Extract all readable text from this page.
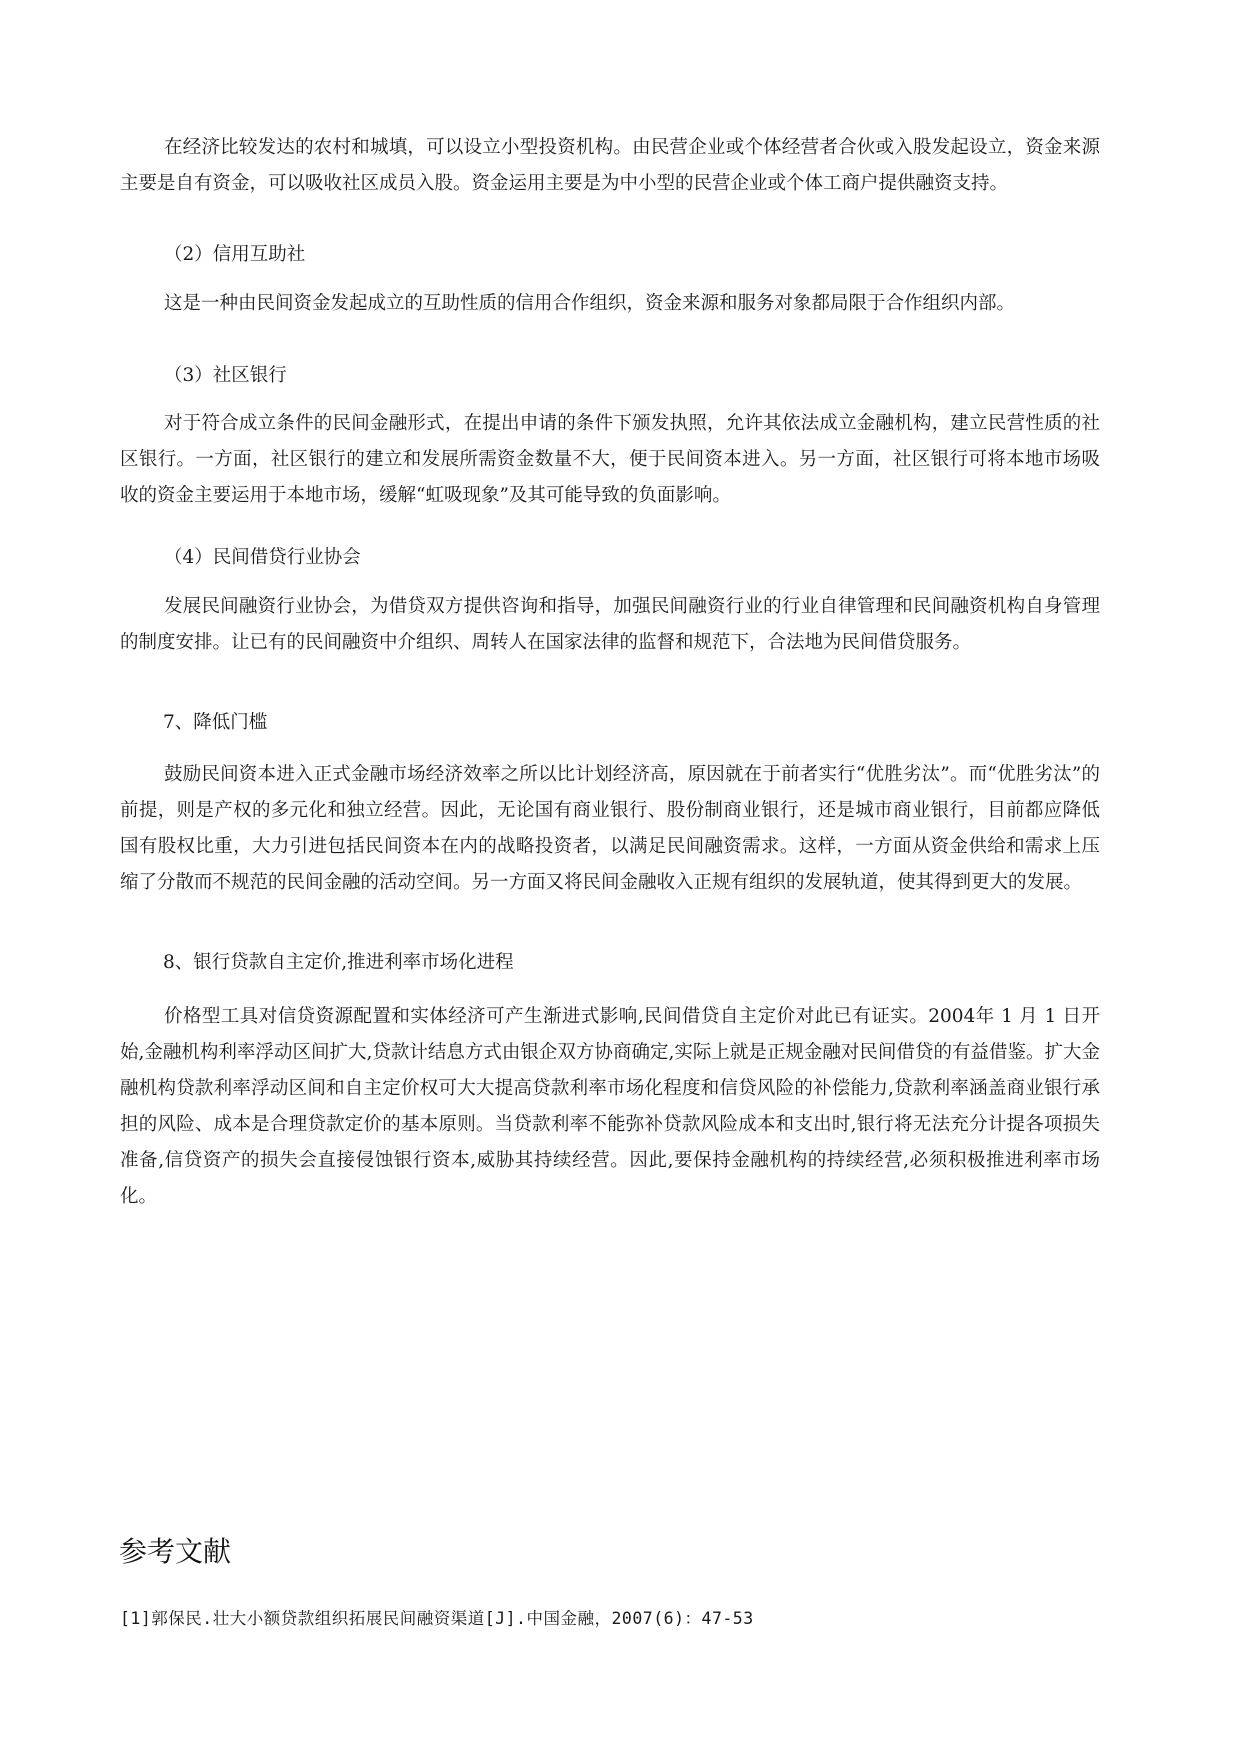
在经济比较发达的农村和城填，可以设立小型投资机构。由民营企业或个体经营者合伙或入股发起设立，资金来源主要是自有资金，可以吸收社区成员入股。资金运用主要是为中小型的民营企业或个体工商户提供融资支持。

（2）信用互助社

这是一种由民间资金发起成立的互助性质的信用合作组织，资金来源和服务对象都局限于合作组织内部。

（3）社区银行

对于符合成立条件的民间金融形式，在提出申请的条件下颁发执照，允许其依法成立金融机构，建立民营性质的社区银行。一方面，社区银行的建立和发展所需资金数量不大，便于民间资本进入。另一方面，社区银行可将本地市场吸收的资金主要运用于本地市场，缓解“虹吸现象”及其可能导致的负面影响。

（4）民间借贷行业协会

发展民间融资行业协会，为借贷双方提供咨询和指导，加强民间融资行业的行业自律管理和民间融资机构自身管理的制度安排。让已有的民间融资中介组织、周转人在国家法律的监督和规范下，合法地为民间借贷服务。

7、降低门槛

鼓励民间资本进入正式金融市场经济效率之所以比计划经济高，原因就在于前者实行“优胜劣汰”。而“优胜劣汰”的前提，则是产权的多元化和独立经营。因此，无论国有商业银行、股份制商业银行，还是城市商业银行，目前都应降低国有股权比重，大力引进包括民间资本在内的战略投资者，以满足民间融资需求。这样，一方面从资金供给和需求上压缩了分散而不规范的民间金融的活动空间。另一方面又将民间金融收入正规有组织的发展轨道，使其得到更大的发展。

8、银行贷款自主定价,推进利率市场化进程

价格型工具对信贷资源配置和实体经济可产生渐进式影响,民间借贷自主定价对此已有证实。2004年 1 月 1 日开始,金融机构利率浮动区间扩大,贷款计结息方式由银企双方协商确定,实际上就是正规金融对民间借贷的有益借鉴。扩大金融机构贷款利率浮动区间和自主定价权可大大提高贷款利率市场化程度和信贷风险的补偿能力,贷款利率涵盖商业银行承担的风险、成本是合理贷款定价的基本原则。当贷款利率不能弥补贷款风险成本和支出时,银行将无法充分计提各项损失准备,信贷资产的损失会直接侵蚀银行资本,威胁其持续经营。因此,要保持金融机构的持续经营,必须积极推进利率市场化。

参考文献

[1]郭保民.壮大小额贷款组织拓展民间融资渠道[J].中国金融，2007(6)：47-53
